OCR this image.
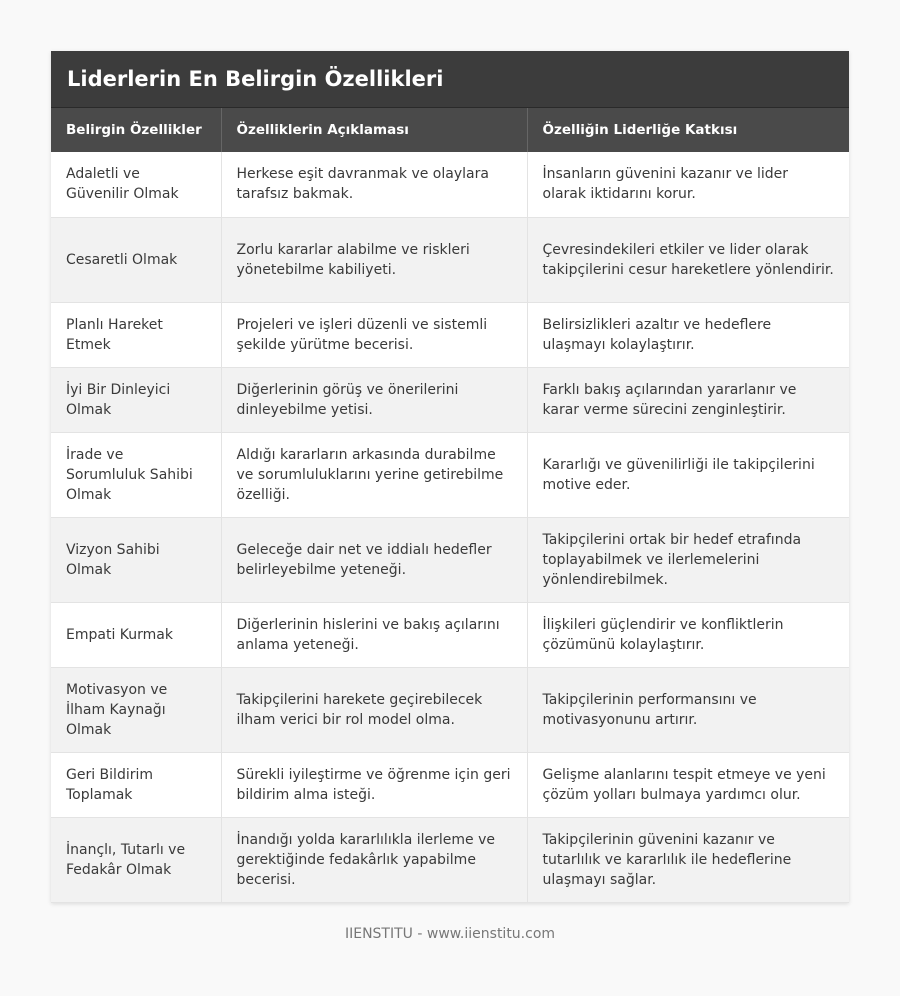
Liderlerin En Belirgin Özellikleri
Belirgin Özellikler	Özelliklerin Açıklaması	Özelliğin Liderliğe Katkısı
Adaletli ve Güvenilir Olmak	Herkese eşit davranmak ve olaylara tarafsız bakmak.	İnsanların güvenini kazanır ve lider olarak iktidarını korur.
Cesaretli Olmak	Zorlu kararlar alabilme ve riskleri yönetebilme kabiliyeti.	Çevresindekileri etkiler ve lider olarak takipçilerini cesur hareketlere yönlendirir.
Planlı Hareket Etmek	Projeleri ve işleri düzenli ve sistemli şekilde yürütme becerisi.	Belirsizlikleri azaltır ve hedeflere ulaşmayı kolaylaştırır.
İyi Bir Dinleyici Olmak	Diğerlerinin görüş ve önerilerini dinleyebilme yetisi.	Farklı bakış açılarından yararlanır ve karar verme sürecini zenginleştirir.
İrade ve Sorumluluk Sahibi Olmak	Aldığı kararların arkasında durabilme ve sorumluluklarını yerine getirebilme özelliği.	Kararlığı ve güvenilirliği ile takipçilerini motive eder.
Vizyon Sahibi Olmak	Geleceğe dair net ve iddialı hedefler belirleyebilme yeteneği.	Takipçilerini ortak bir hedef etrafında toplayabilmek ve ilerlemelerini yönlendirebilmek.
Empati Kurmak	Diğerlerinin hislerini ve bakış açılarını anlama yeteneği.	İlişkileri güçlendirir ve konfliktlerin çözümünü kolaylaştırır.
Motivasyon ve İlham Kaynağı Olmak	Takipçilerini harekete geçirebilecek ilham verici bir rol model olma.	Takipçilerinin performansını ve motivasyonunu artırır.
Geri Bildirim Toplamak	Sürekli iyileştirme ve öğrenme için geri bildirim alma isteği.	Gelişme alanlarını tespit etmeye ve yeni çözüm yolları bulmaya yardımcı olur.
İnançlı, Tutarlı ve Fedakâr Olmak	İnandığı yolda kararlılıkla ilerleme ve gerektiğinde fedakârlık yapabilme becerisi.	Takipçilerinin güvenini kazanır ve tutarlılık ve kararlılık ile hedeflerine ulaşmayı sağlar.
IIENSTITU - www.iienstitu.com
